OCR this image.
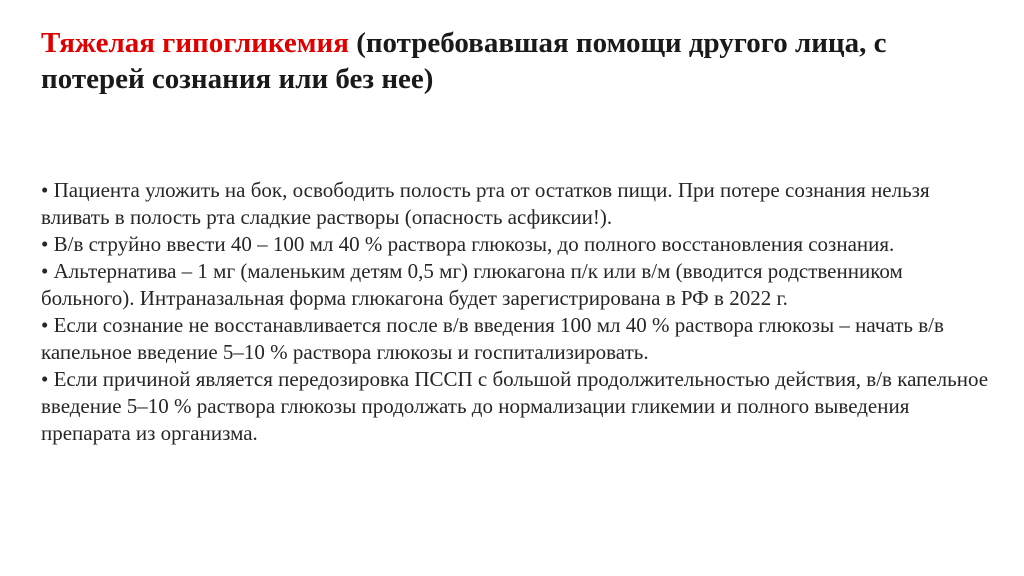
Тяжелая гипогликемия (потребовавшая помощи другого лица, с потерей сознания или без нее)
• Пациента уложить на бок, освободить полость рта от остатков пищи. При потере сознания нельзя вливать в полость рта сладкие растворы (опасность асфиксии!).
• В/в струйно ввести 40 – 100 мл 40 % раствора глюкозы, до полного восстановления сознания.
• Альтернатива – 1 мг (маленьким детям 0,5 мг) глюкагона п/к или в/м (вводится родственником больного). Интраназальная форма глюкагона будет зарегистрирована в РФ в 2022 г.
• Если сознание не восстанавливается после в/в введения 100 мл 40 % раствора глюкозы – начать в/в капельное введение 5–10 % раствора глюкозы и госпитализировать.
• Если причиной является передозировка ПССП с большой продолжительностью действия, в/в капельное введение 5–10 % раствора глюкозы продолжать до нормализации гликемии и полного выведения препарата из организма.
